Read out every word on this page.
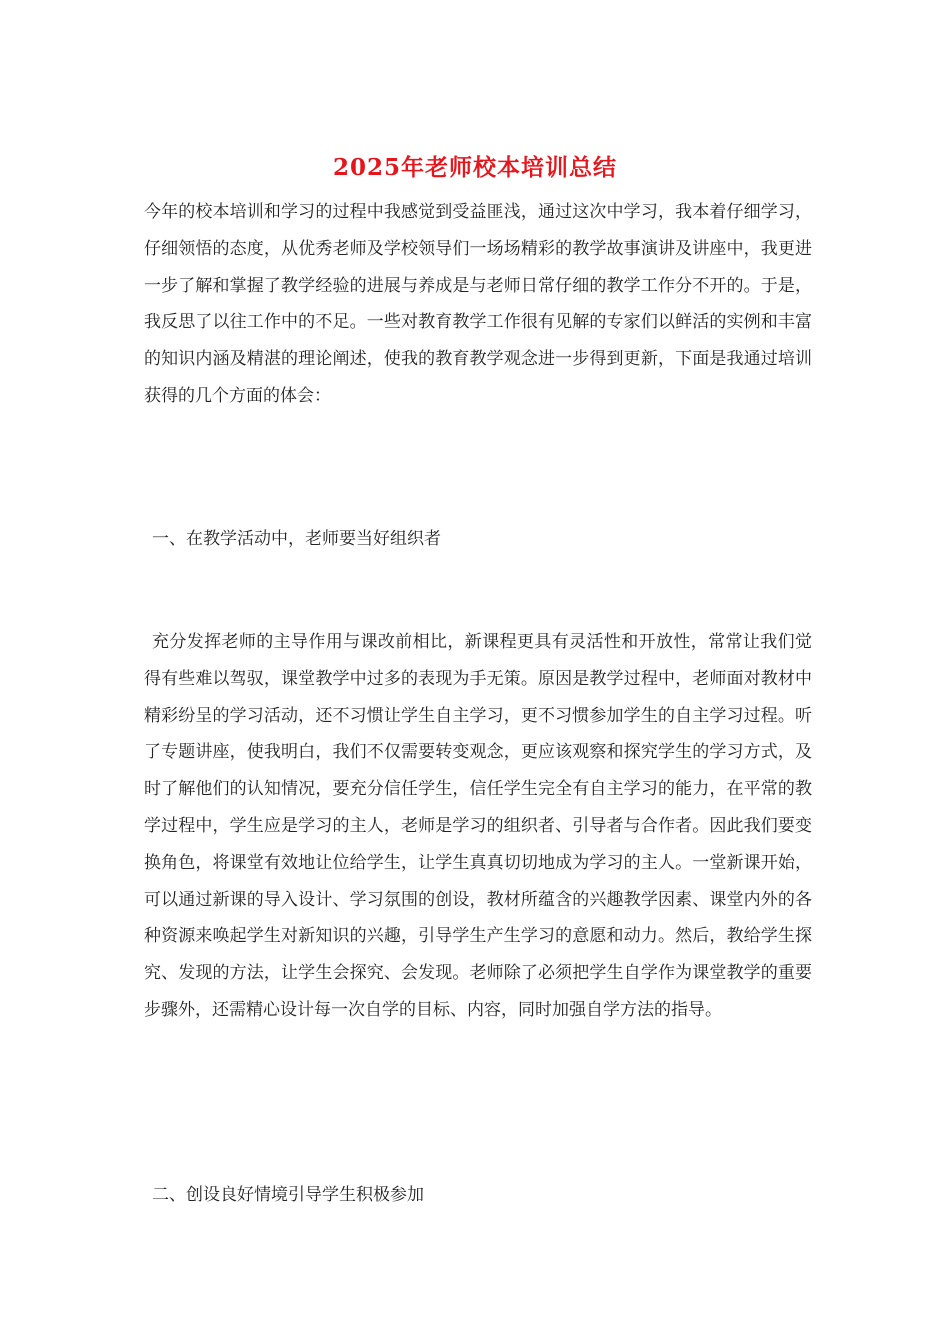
2025年老师校本培训总结

今年的校本培训和学习的过程中我感觉到受益匪浅，通过这次中学习，我本着仔细学习，仔细领悟的态度，从优秀老师及学校领导们一场场精彩的教学故事演讲及讲座中，我更进一步了解和掌握了教学经验的进展与养成是与老师日常仔细的教学工作分不开的。于是，我反思了以往工作中的不足。一些对教育教学工作很有见解的专家们以鲜活的实例和丰富的知识内涵及精湛的理论阐述，使我的教育教学观念进一步得到更新，下面是我通过培训获得的几个方面的体会：

一、在教学活动中，老师要当好组织者

充分发挥老师的主导作用与课改前相比，新课程更具有灵活性和开放性，常常让我们觉得有些难以驾驭，课堂教学中过多的表现为手无策。原因是教学过程中，老师面对教材中精彩纷呈的学习活动，还不习惯让学生自主学习，更不习惯参加学生的自主学习过程。听了专题讲座，使我明白，我们不仅需要转变观念，更应该观察和探究学生的学习方式，及时了解他们的认知情况，要充分信任学生，信任学生完全有自主学习的能力，在平常的教学过程中，学生应是学习的主人，老师是学习的组织者、引导者与合作者。因此我们要变换角色，将课堂有效地让位给学生，让学生真真切切地成为学习的主人。一堂新课开始，可以通过新课的导入设计、学习氛围的创设，教材所蕴含的兴趣教学因素、课堂内外的各种资源来唤起学生对新知识的兴趣，引导学生产生学习的意愿和动力。然后，教给学生探究、发现的方法，让学生会探究、会发现。老师除了必须把学生自学作为课堂教学的重要步骤外，还需精心设计每一次自学的目标、内容，同时加强自学方法的指导。

二、创设良好情境引导学生积极参加
